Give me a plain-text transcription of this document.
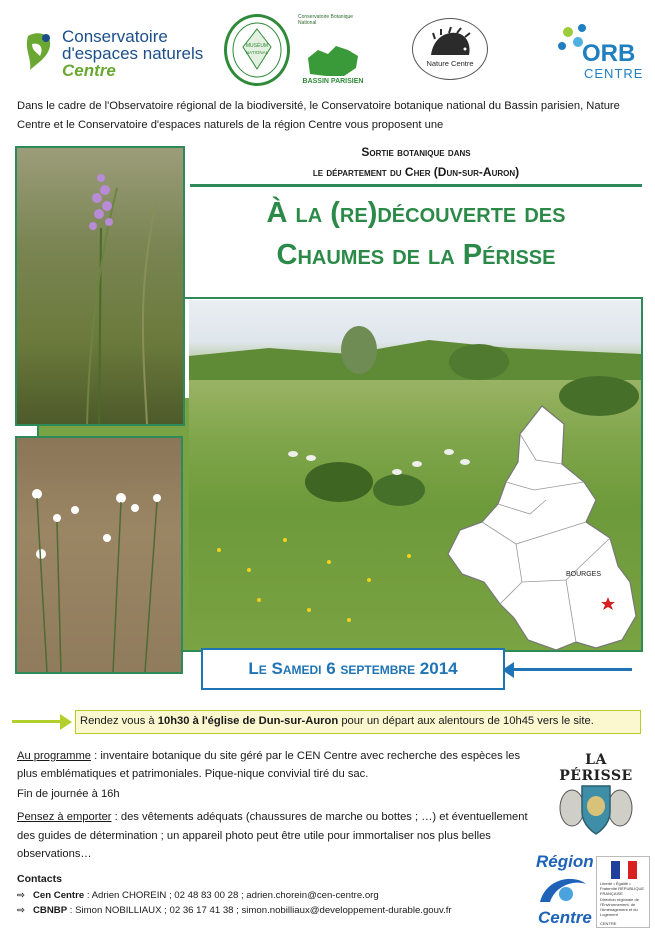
Conservatoire
d'espaces naturels
Centre
MUSÉUM
NATIONAL
Conservatoire Botanique National
BASSIN PARISIEN
Nature Centre	ORB
CENTRE
Dans le cadre de l'Observatoire régional de la biodiversité, le Conservatoire botanique national du Bassin parisien, Nature Centre et le Conservatoire d'espaces naturels de la région Centre vous proposent une
Sortie botanique dans
le département du Cher (Dun-sur-Auron)
À la (re)découverte des
Chaumes de la Périsse
BOURGES
Le Samedi 6 septembre 2014
Rendez vous à 10h30 à l'église de Dun-sur-Auron pour un départ aux alentours de 10h45 vers le site.
Au programme : inventaire botanique du site géré par le CEN Centre avec recherche des espèces les plus emblématiques et patrimoniales. Pique-nique convivial tiré du sac.
Fin de journée à 16h
Pensez à emporter : des vêtements adéquats (chaussures de marche ou bottes ; …) et éventuellement des guides de détermination ; un appareil photo peut être utile pour immortaliser nos plus belles observations…
Contacts
⇨ Cen Centre : Adrien CHOREIN ; 02 48 83 00 28 ; adrien.chorein@cen-centre.org
⇨ CBNBP : Simon NOBILLIAUX ; 02 36 17 41 38 ; simon.nobilliaux@developpement-durable.gouv.fr
LA PÉRISSE
Région
Centre
Liberté • Égalité • Fraternité RÉPUBLIQUE FRANÇAISE
Direction régionale de l'Environnement, de l'Aménagement et du Logement
CENTRE
